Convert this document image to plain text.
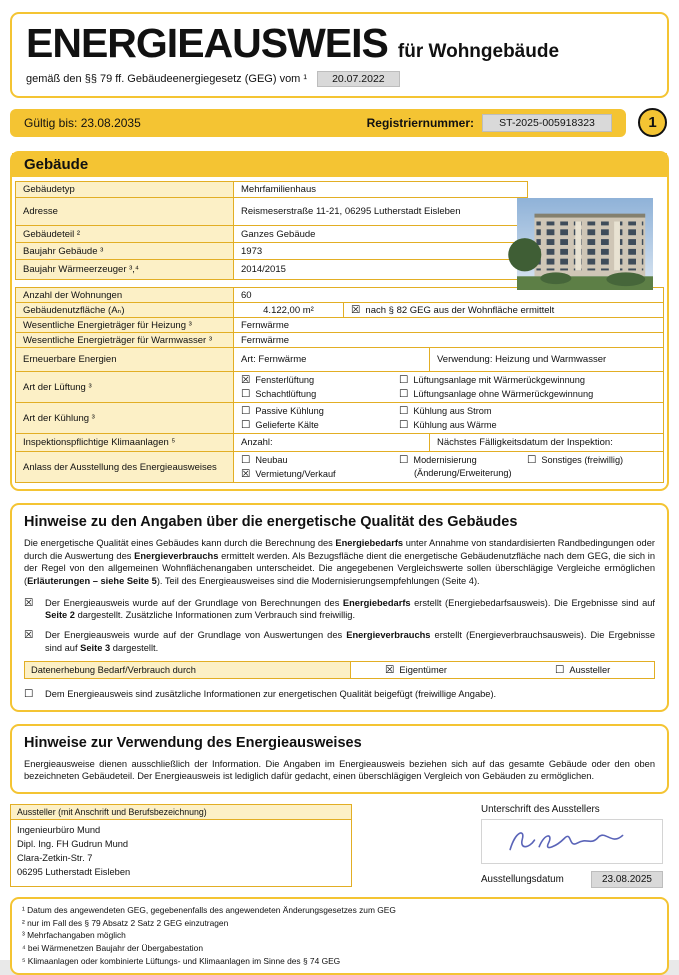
ENERGIEAUSWEIS für Wohngebäude
gemäß den §§ 79 ff. Gebäudeenergiegesetz (GEG) vom ¹	20.07.2022
Gültig bis: 23.08.2035	Registriernummer:	ST-2025-005918323	1
Gebäude
Gebäudetyp	Mehrfamilienhaus			
Adresse	Reismeserstraße 11-21, 06295 Lutherstadt Eisleben			
Gebäudeteil ²	Ganzes Gebäude			
Baujahr Gebäude ³	1973			
Baujahr Wärmeerzeuger ³,⁴	2014/2015			

Anzahl der Wohnungen	60			
Gebäudenutzfläche (Aₙ)	4.122,00 m²	☒ nach § 82 GEG aus der Wohnfläche ermittelt		

Wesentliche Energieträger für Heizung ³	Fernwärme			
Wesentliche Energieträger für Warmwasser ³	Fernwärme			
Erneuerbare Energien	Art: Fernwärme		Verwendung: Heizung und Warmwasser	
Art der Lüftung ³	
☒ Fensterlüftung
☐ Schachtlüftung
☐ Lüftungsanlage mit Wärmerückgewinnung
☐ Lüftungsanlage ohne Wärmerückgewinnung

Art der Kühlung ³	
☐ Passive Kühlung
☐ Gelieferte Kälte
☐ Kühlung aus Strom
☐ Kühlung aus Wärme

Inspektionspflichtige Klimaanlagen ⁵	Anzahl:		Nächstes Fälligkeitsdatum der Inspektion:	
Anlass der Ausstellung des Energieausweises	
☐ Neubau
☒ Vermietung/Verkauf
☐ Modernisierung
(Änderung/Erweiterung)
☐ Sonstiges (freiwillig)
Hinweise zu den Angaben über die energetische Qualität des Gebäudes

Die energetische Qualität eines Gebäudes kann durch die Berechnung des Energiebedarfs unter Annahme von standardisierten Randbedingungen oder durch die Auswertung des Energieverbrauchs ermittelt werden. Als Bezugsfläche dient die energetische Gebäudenutzfläche nach dem GEG, die sich in der Regel von den allgemeinen Wohnflächenangaben unterscheidet. Die angegebenen Vergleichswerte sollen überschlägige Vergleiche ermöglichen (Erläuterungen – siehe Seite 5). Teil des Energieausweises sind die Modernisierungsempfehlungen (Seite 4).

☒ Der Energieausweis wurde auf der Grundlage von Berechnungen des Energiebedarfs erstellt (Energiebedarfsausweis). Die Ergebnisse sind auf Seite 2 dargestellt. Zusätzliche Informationen zum Verbrauch sind freiwillig.
☒ Der Energieausweis wurde auf der Grundlage von Auswertungen des Energieverbrauchs erstellt (Energieverbrauchsausweis). Die Ergebnisse sind auf Seite 3 dargestellt.
Datenerhebung Bedarf/Verbrauch durch	☒ Eigentümer	☐ Aussteller
☐ Dem Energieausweis sind zusätzliche Informationen zur energetischen Qualität beigefügt (freiwillige Angabe).
Hinweise zur Verwendung des Energieausweises

Energieausweise dienen ausschließlich der Information. Die Angaben im Energieausweis beziehen sich auf das gesamte Gebäude oder den oben bezeichneten Gebäudeteil. Der Energieausweis ist lediglich dafür gedacht, einen überschlägigen Vergleich von Gebäuden zu ermöglichen.

Aussteller (mit Anschrift und Berufsbezeichnung)
Ingenieurbüro Mund
Dipl. Ing. FH Gudrun Mund
Clara-Zetkin-Str. 7
06295 Lutherstadt Eisleben
Unterschrift des Ausstellers
Ausstellungsdatum	23.08.2025
¹ Datum des angewendeten GEG, gegebenenfalls des angewendeten Änderungsgesetzes zum GEG
² nur im Fall des § 79 Absatz 2 Satz 2 GEG einzutragen
³ Mehrfachangaben möglich
⁴ bei Wärmenetzen Baujahr der Übergabestation
⁵ Klimaanlagen oder kombinierte Lüftungs- und Klimaanlagen im Sinne des § 74 GEG
